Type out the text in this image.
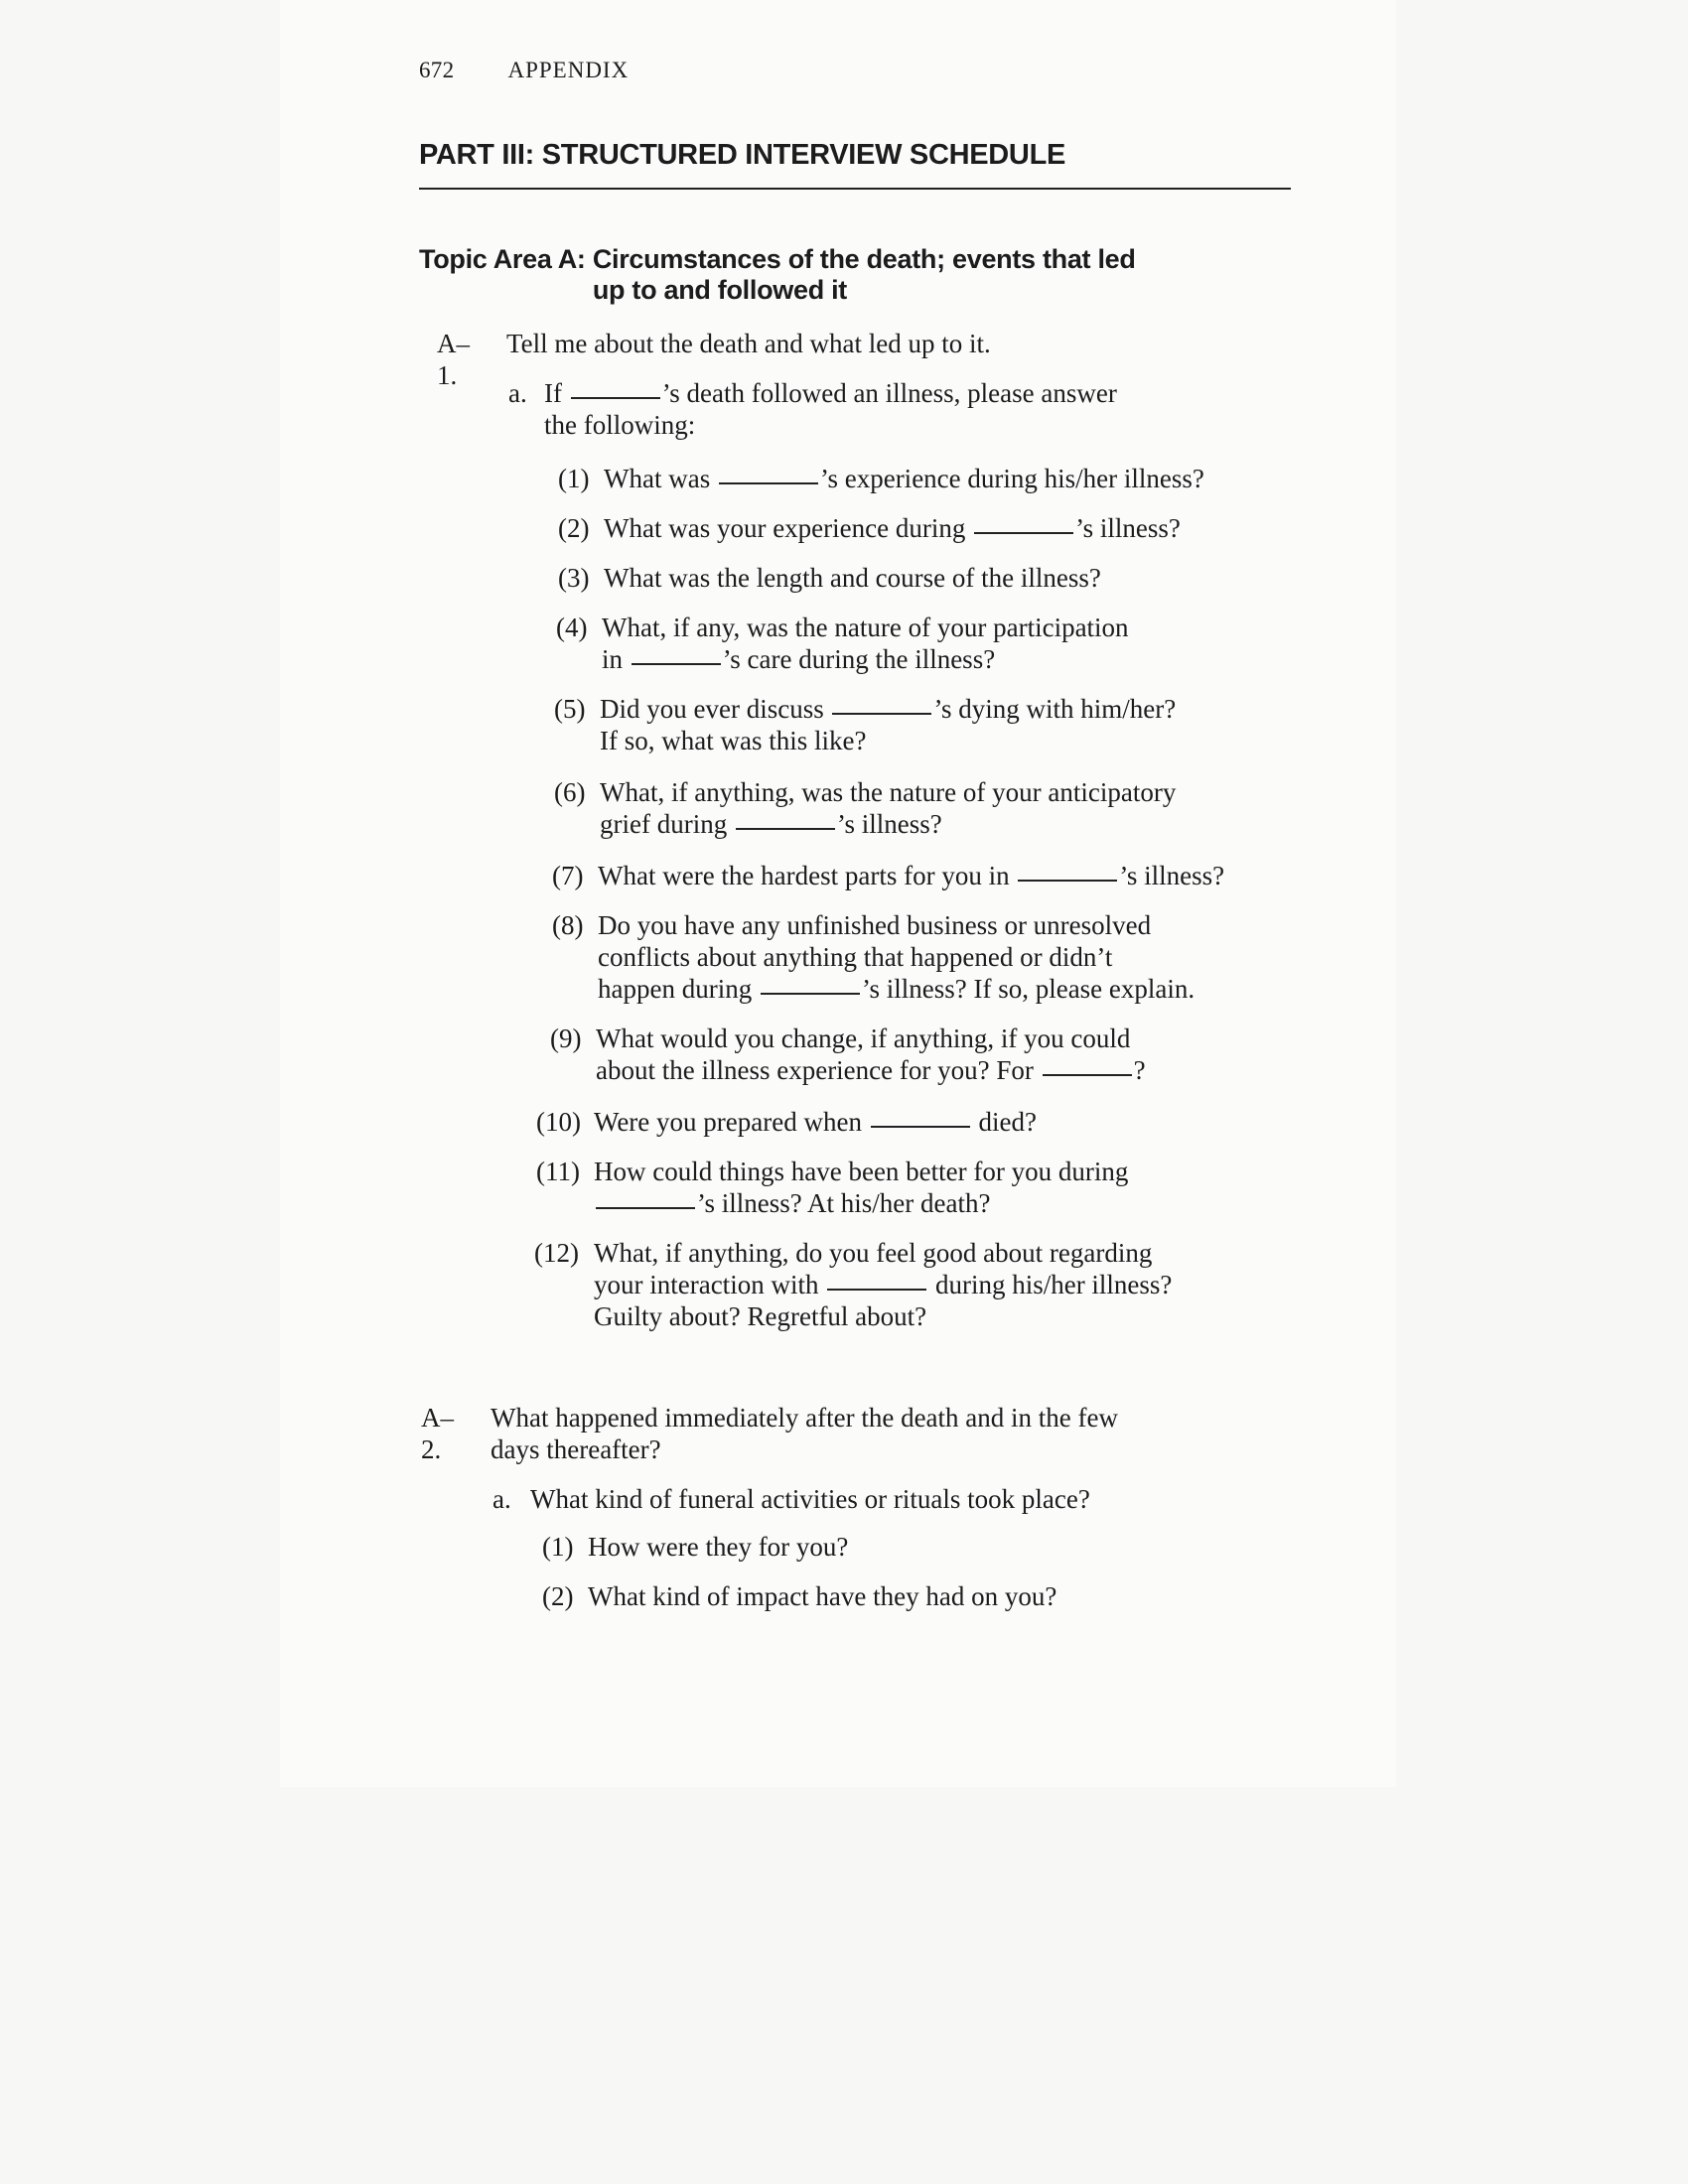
672 APPENDIX
PART III: STRUCTURED INTERVIEW SCHEDULE
Topic Area A: Circumstances of the death; events that led
up to and followed it
A–1.
Tell me about the death and what led up to it.
a. If	’s death followed an illness, please answer
the following:
(1) What was	’s experience during his/her illness?
(2) What was your experience during	’s illness?
(3) What was the length and course of the illness?
(4) What, if any, was the nature of your participation
in	’s care during the illness?
(5) Did you ever discuss	’s dying with him/her?
If so, what was this like?
(6) What, if anything, was the nature of your anticipatory
grief during	’s illness?
(7) What were the hardest parts for you in	’s illness?
(8) Do you have any unfinished business or unresolved
conflicts about anything that happened or didn’t
happen during	’s illness? If so, please explain.
(9) What would you change, if anything, if you could
about the illness experience for you? For	?
(10) Were you prepared when	died?
(11) How could things have been better for you during
’s illness? At his/her death?
(12) What, if anything, do you feel good about regarding
your interaction with	during his/her illness?
Guilty about? Regretful about?
A–2.
What happened immediately after the death and in the few
days thereafter?
a. What kind of funeral activities or rituals took place?
(1) How were they for you?
(2) What kind of impact have they had on you?
